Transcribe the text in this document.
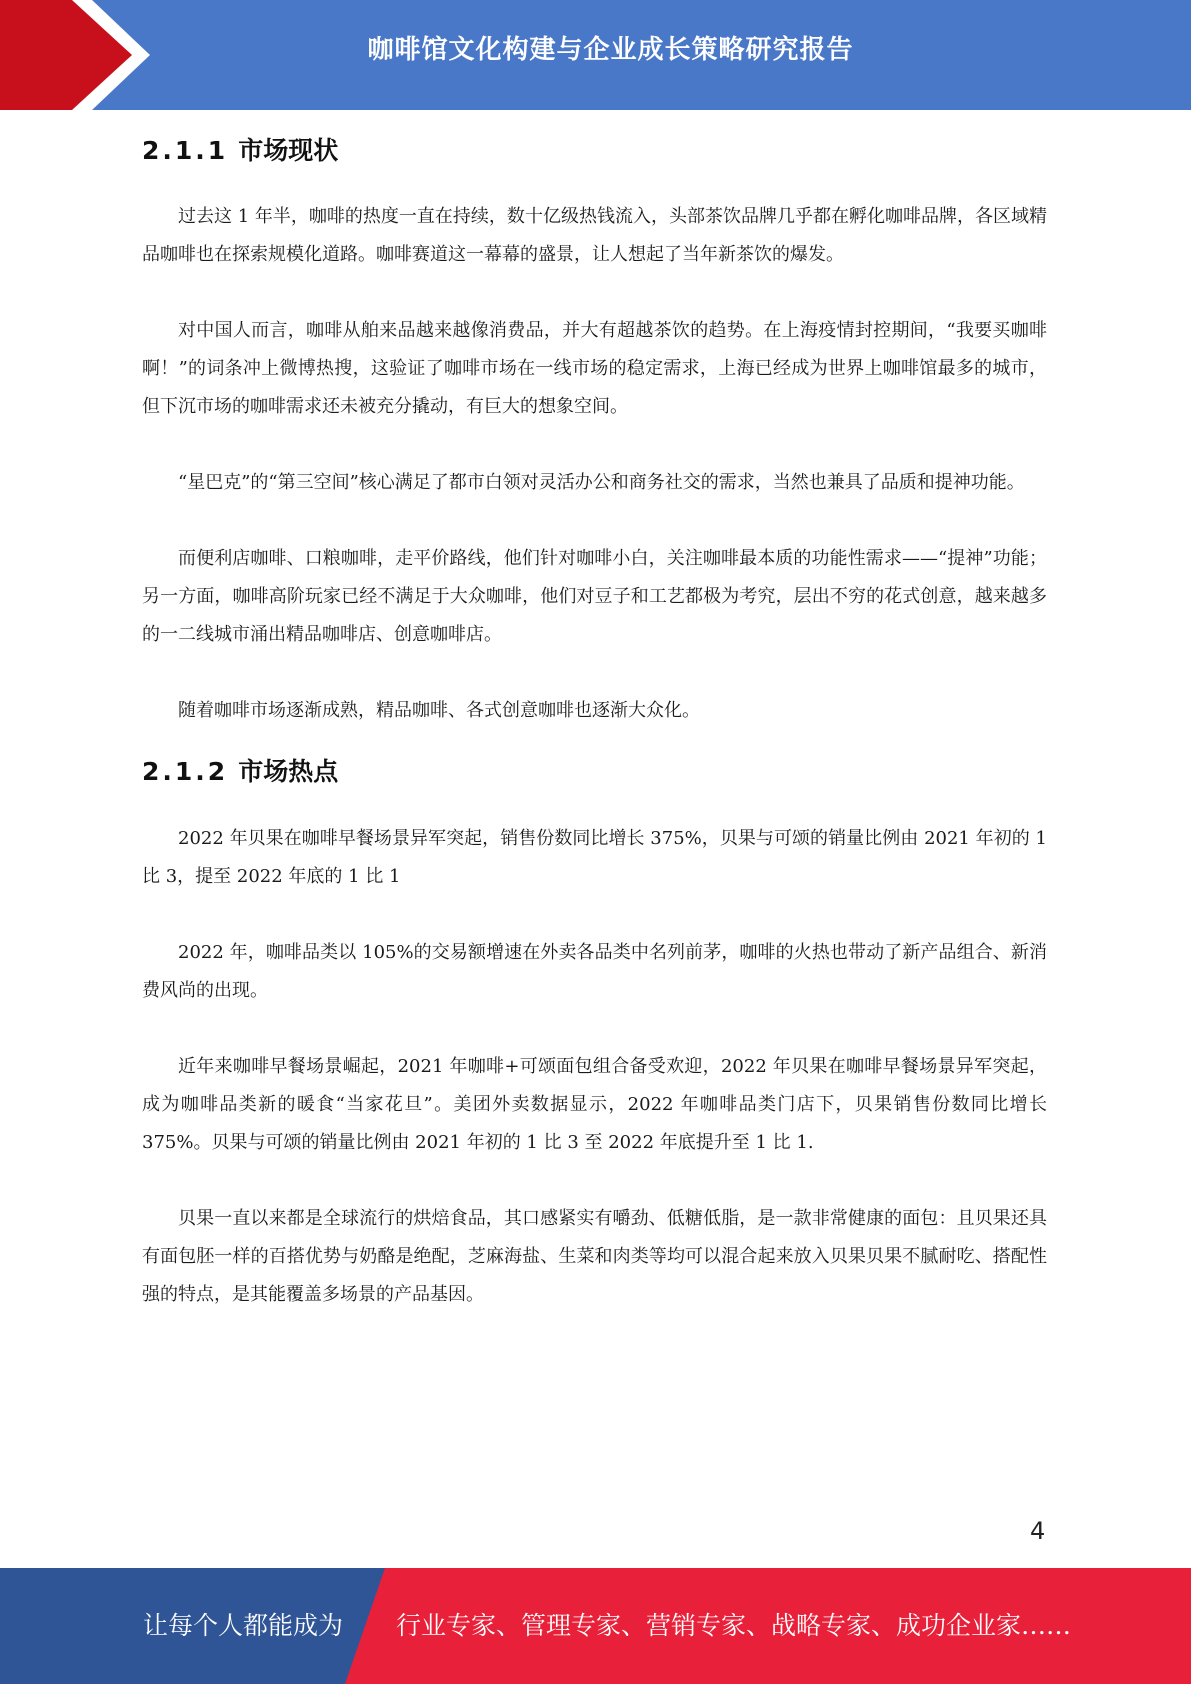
咖啡馆文化构建与企业成长策略研究报告
2.1.1 市场现状

过去这 1 年半，咖啡的热度一直在持续，数十亿级热钱流入，头部茶饮品牌几乎都在孵化咖啡品牌，各区域精品咖啡也在探索规模化道路。咖啡赛道这一幕幕的盛景，让人想起了当年新茶饮的爆发。

对中国人而言，咖啡从舶来品越来越像消费品，并大有超越茶饮的趋势。在上海疫情封控期间，“我要买咖啡啊！”的词条冲上微博热搜，这验证了咖啡市场在一线市场的稳定需求，上海已经成为世界上咖啡馆最多的城市，但下沉市场的咖啡需求还未被充分撬动，有巨大的想象空间。

“星巴克”的“第三空间”核心满足了都市白领对灵活办公和商务社交的需求，当然也兼具了品质和提神功能。

而便利店咖啡、口粮咖啡，走平价路线，他们针对咖啡小白，关注咖啡最本质的功能性需求——“提神”功能；另一方面，咖啡高阶玩家已经不满足于大众咖啡，他们对豆子和工艺都极为考究，层出不穷的花式创意，越来越多的一二线城市涌出精品咖啡店、创意咖啡店。

随着咖啡市场逐渐成熟，精品咖啡、各式创意咖啡也逐渐大众化。

2.1.2 市场热点

2022 年贝果在咖啡早餐场景异军突起，销售份数同比增长 375%，贝果与可颂的销量比例由 2021 年初的 1 比 3，提至 2022 年底的 1 比 1

2022 年，咖啡品类以 105%的交易额增速在外卖各品类中名列前茅，咖啡的火热也带动了新产品组合、新消费风尚的出现。

近年来咖啡早餐场景崛起，2021 年咖啡+可颂面包组合备受欢迎，2022 年贝果在咖啡早餐场景异军突起，成为咖啡品类新的暖食“当家花旦”。美团外卖数据显示，2022 年咖啡品类门店下，贝果销售份数同比增长 375%。贝果与可颂的销量比例由 2021 年初的 1 比 3 至 2022 年底提升至 1 比 1.

贝果一直以来都是全球流行的烘焙食品，其口感紧实有嚼劲、低糖低脂，是一款非常健康的面包：且贝果还具有面包胚一样的百搭优势与奶酪是绝配，芝麻海盐、生菜和肉类等均可以混合起来放入贝果贝果不腻耐吃、搭配性强的特点，是其能覆盖多场景的产品基因。

4
让每个人都能成为 行业专家、管理专家、营销专家、战略专家、成功企业家……
